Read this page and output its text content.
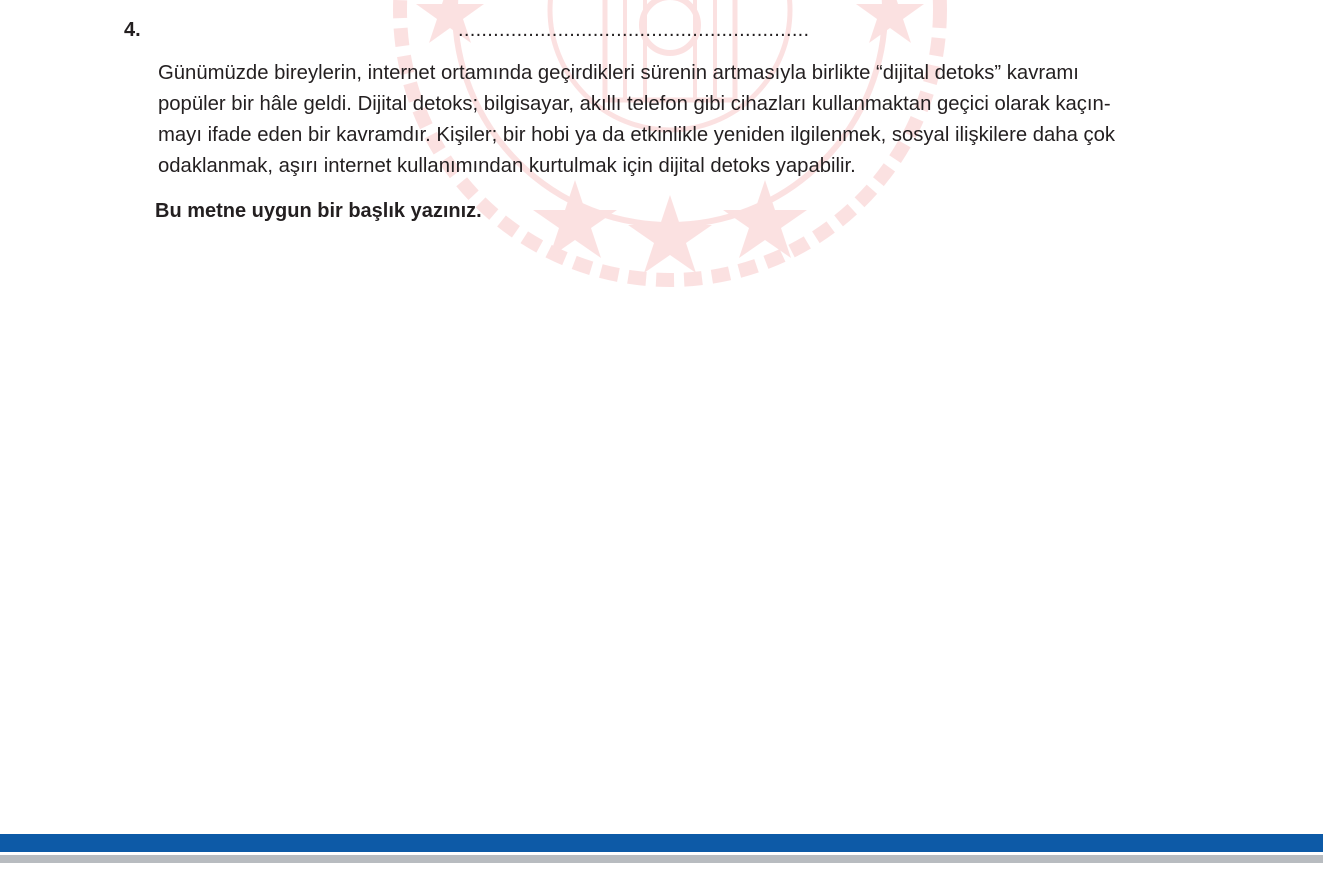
4.	............................................................

Günümüzde bireylerin, internet ortamında geçirdikleri sürenin artmasıyla birlikte “dijital detoks” kavramı
popüler bir hâle geldi. Dijital detoks; bilgisayar, akıllı telefon gibi cihazları kullanmaktan geçici olarak kaçın-
mayı ifade eden bir kavramdır. Kişiler; bir hobi ya da etkinlikle yeniden ilgilenmek, sosyal ilişkilere daha çok
odaklanmak, aşırı internet kullanımından kurtulmak için dijital detoks yapabilir.

Bu metne uygun bir başlık yazınız.
